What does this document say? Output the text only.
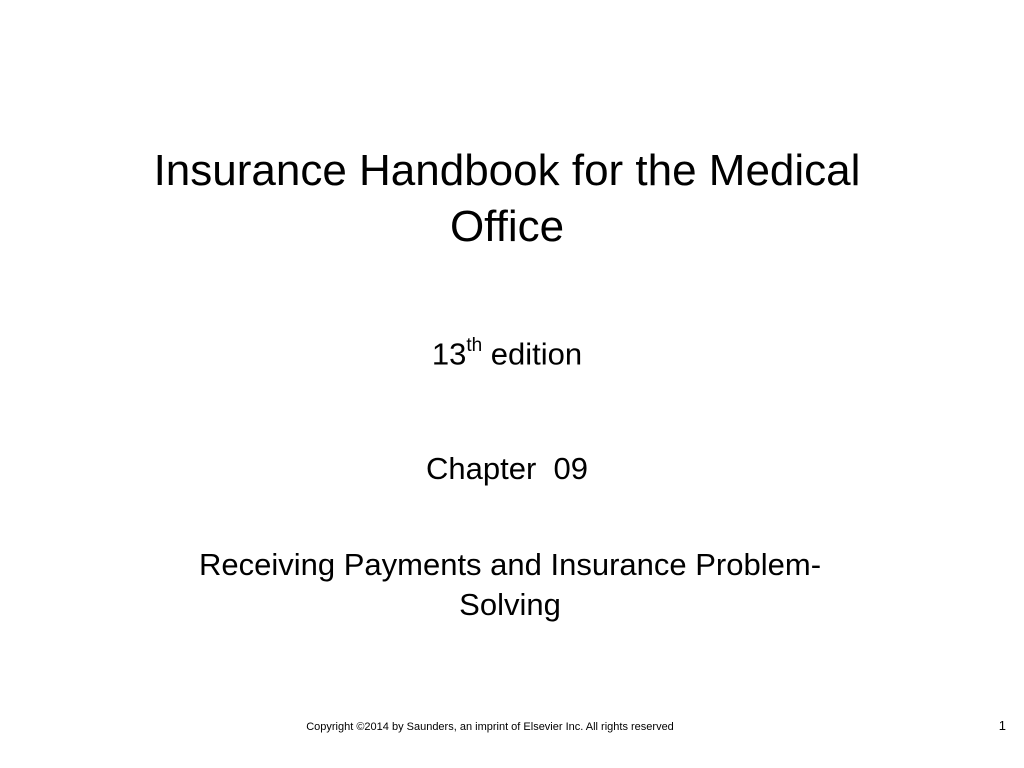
Insurance Handbook for the Medical
Office
13th edition
Chapter  09
Receiving Payments and Insurance Problem-
Solving
Copyright ©2014 by Saunders, an imprint of Elsevier Inc. All rights reserved	1
